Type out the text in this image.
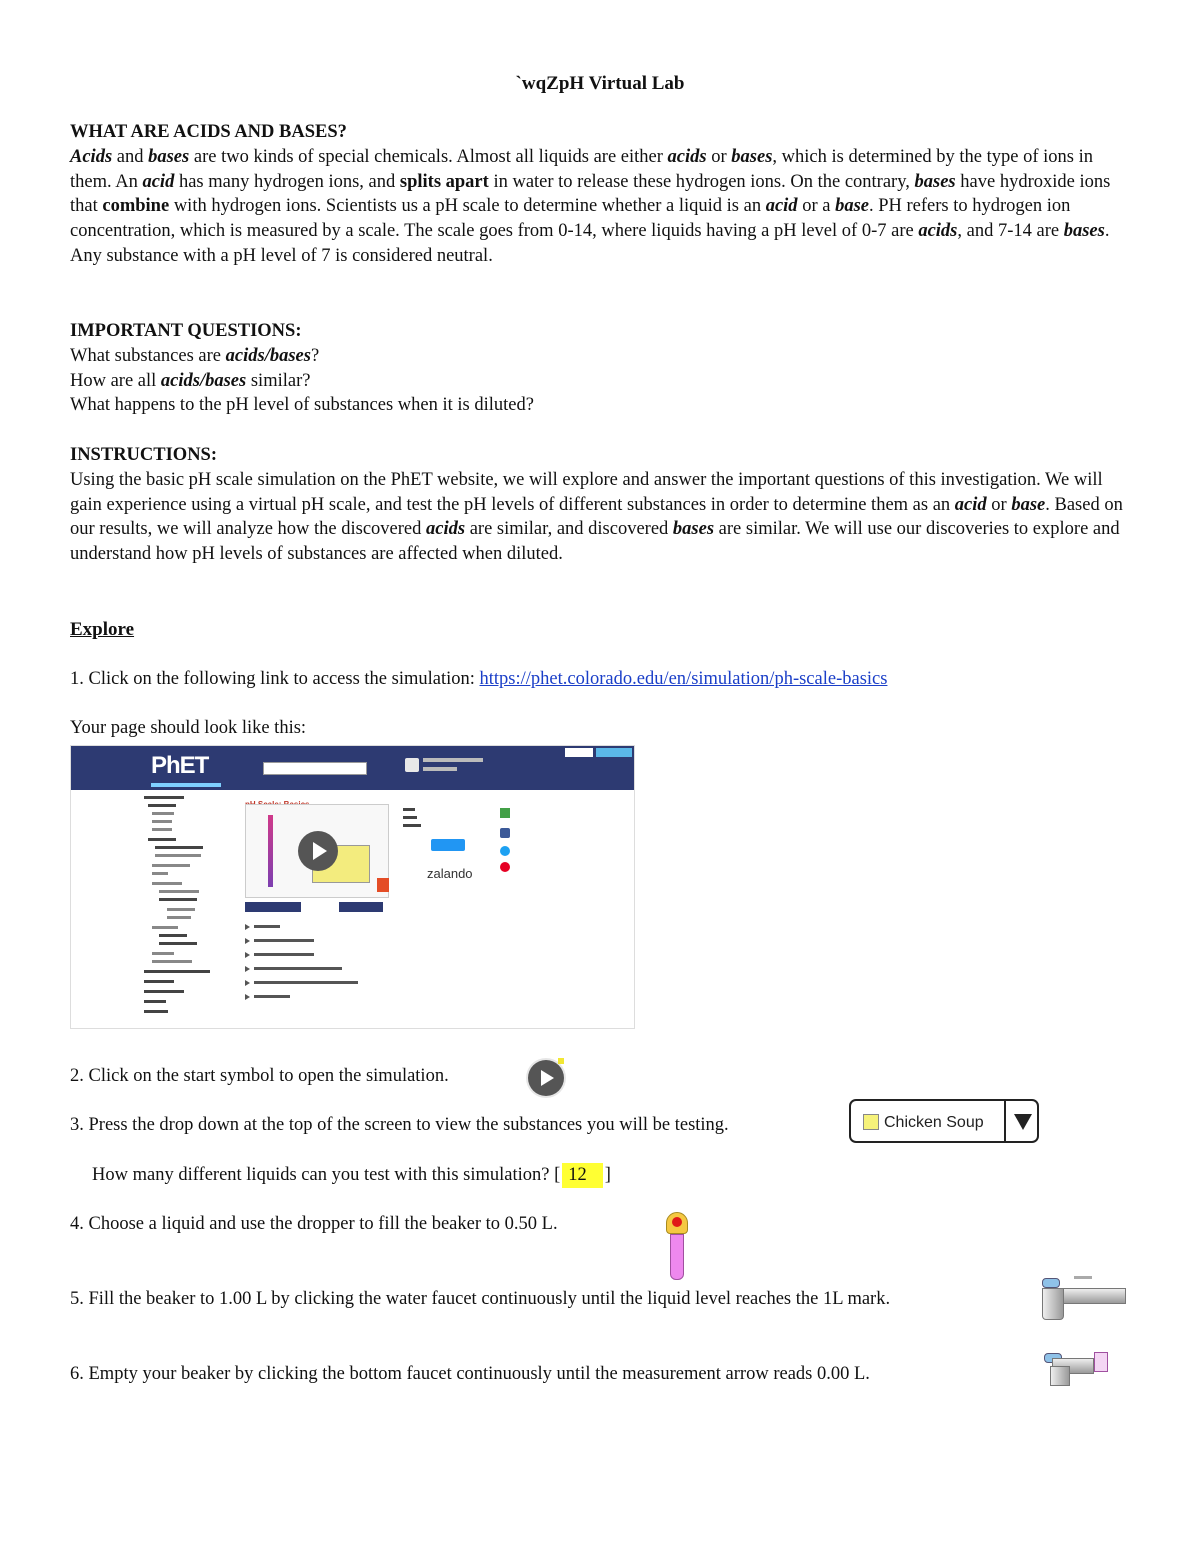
`wqZpH Virtual Lab
WHAT ARE ACIDS AND BASES?
Acids and bases are two kinds of special chemicals. Almost all liquids are either acids or bases, which is determined by the type of ions in them. An acid has many hydrogen ions, and splits apart in water to release these hydrogen ions. On the contrary, bases have hydroxide ions that combine with hydrogen ions. Scientists us a pH scale to determine whether a liquid is an acid or a base. PH refers to hydrogen ion concentration, which is measured by a scale. The scale goes from 0-14, where liquids having a pH level of 0-7 are acids, and 7-14 are bases. Any substance with a pH level of 7 is considered neutral.
IMPORTANT QUESTIONS:
What substances are acids/bases?
How are all acids/bases similar?
What happens to the pH level of substances when it is diluted?
INSTRUCTIONS:
Using the basic pH scale simulation on the PhET website, we will explore and answer the important questions of this investigation. We will gain experience using a virtual pH scale, and test the pH levels of different substances in order to determine them as an acid or base. Based on our results, we will analyze how the discovered acids are similar, and discovered bases are similar. We will use our discoveries to explore and understand how pH levels of substances are affected when diluted.
Explore
1. Click on the following link to access the simulation: https://phet.colorado.edu/en/simulation/ph-scale-basics
Your page should look like this:
PhET
zalando
2. Click on the start symbol to open the simulation.
3. Press the drop down at the top of the screen to view the substances you will be testing.	Chicken Soup
How many different liquids can you test with this simulation? [ 12 ]
4. Choose a liquid and use the dropper to fill the beaker to 0.50 L.
5. Fill the beaker to 1.00 L by clicking the water faucet continuously until the liquid level reaches the 1L mark.
6. Empty your beaker by clicking the bottom faucet continuously until the measurement arrow reads 0.00 L.
